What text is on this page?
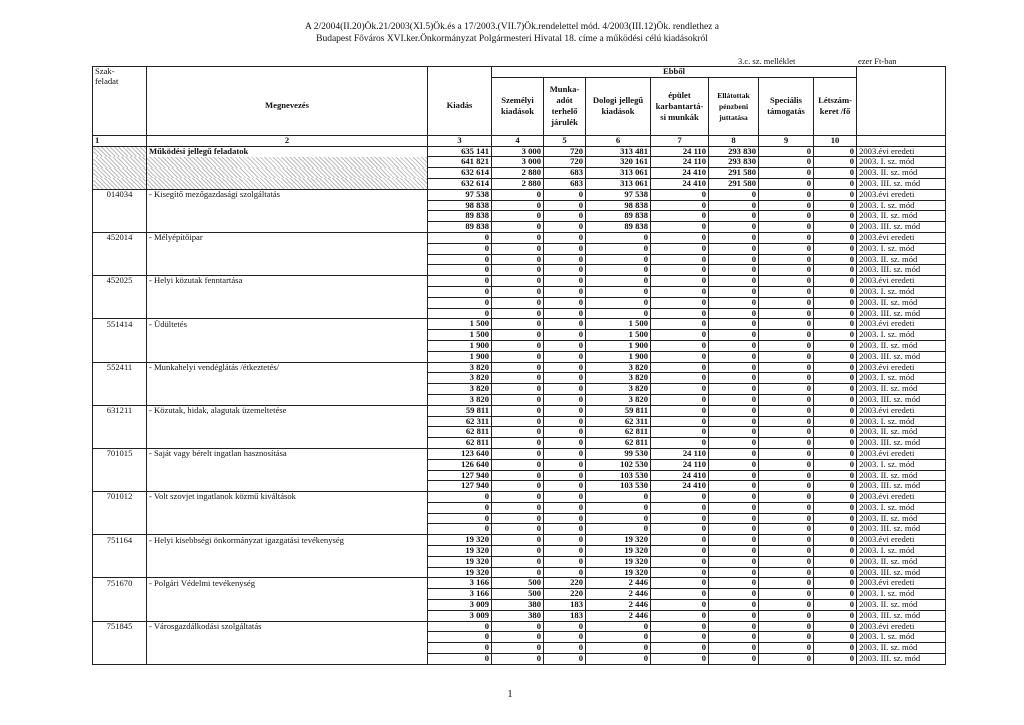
A 2/2004(II.20)Ök.21/2003(XI.5)Ök.és a 17/2003.(VII.7)Ök.rendelettel mód. 4/2003(III.12)Ök. rendlethez a
Budapest Főváros XVI.ker.Önkormányzat Polgármesteri Hivatal 18. címe a működési célú kiadásokról
3.c. sz. melléklet	ezer Ft-ban
Szak-			Ebből							
feladat	Megnevezés	Kiadás	Személyi kiadások	Munka-adót terhelő járulék	Dologi jellegű kiadások	épület karbantartá-si munkák	Ellátottak pénzbeni juttatása	Speciális támogatás	Létszám-keret /fő	
1	2	3	4	5	6	7	8	9	10	
	Működési jellegű feladatok	635 141	3 000	720	313 481	24 110	293 830	0	0	2003.évi eredeti
		641 821	3 000	720	320 161	24 110	293 830	0	0	2003. I. sz. mód
		632 614	2 880	683	313 061	24 410	291 580	0	0	2003. II. sz. mód
		632 614	2 880	683	313 061	24 410	291 580	0	0	2003. III. sz. mód
014034	- Kisegítő mezőgazdasági szolgáltatás	97 538	0	0	97 538	0	0	0	0	2003.évi eredeti
		98 838	0	0	98 838	0	0	0	0	2003. I. sz. mód
		89 838	0	0	89 838	0	0	0	0	2003. II. sz. mód
		89 838	0	0	89 838	0	0	0	0	2003. III. sz. mód
452014	- Mélyépítőipar	0	0	0	0	0	0	0	0	2003.évi eredeti
		0	0	0	0	0	0	0	0	2003. I. sz. mód
		0	0	0	0	0	0	0	0	2003. II. sz. mód
		0	0	0	0	0	0	0	0	2003. III. sz. mód
452025	- Helyi közutak fenntartása	0	0	0	0	0	0	0	0	2003.évi eredeti
		0	0	0	0	0	0	0	0	2003. I. sz. mód
		0	0	0	0	0	0	0	0	2003. II. sz. mód
		0	0	0	0	0	0	0	0	2003. III. sz. mód
551414	- Üdültetés	1 500	0	0	1 500	0	0	0	0	2003.évi eredeti
		1 500	0	0	1 500	0	0	0	0	2003. I. sz. mód
		1 900	0	0	1 900	0	0	0	0	2003. II. sz. mód
		1 900	0	0	1 900	0	0	0	0	2003. III. sz. mód
552411	- Munkahelyi vendéglátás /étkeztetés/	3 820	0	0	3 820	0	0	0	0	2003.évi eredeti
		3 820	0	0	3 820	0	0	0	0	2003. I. sz. mód
		3 820	0	0	3 820	0	0	0	0	2003. II. sz. mód
		3 820	0	0	3 820	0	0	0	0	2003. III. sz. mód
631211	- Közutak, hidak, alagutak üzemeltetése	59 811	0	0	59 811	0	0	0	0	2003.évi eredeti
		62 311	0	0	62 311	0	0	0	0	2003. I. sz. mód
		62 811	0	0	62 811	0	0	0	0	2003. II. sz. mód
		62 811	0	0	62 811	0	0	0	0	2003. III. sz. mód
701015	- Saját vagy bérelt ingatlan hasznosítása	123 640	0	0	99 530	24 110	0	0	0	2003.évi eredeti
		126 640	0	0	102 530	24 110	0	0	0	2003. I. sz. mód
		127 940	0	0	103 530	24 410	0	0	0	2003. II. sz. mód
		127 940	0	0	103 530	24 410	0	0	0	2003. III. sz. mód
701012	- Volt szovjet ingatlanok közmű kiváltások	0	0	0	0	0	0	0	0	2003.évi eredeti
		0	0	0	0	0	0	0	0	2003. I. sz. mód
		0	0	0	0	0	0	0	0	2003. II. sz. mód
		0	0	0	0	0	0	0	0	2003. III. sz. mód
751164	- Helyi kisebbségi önkormányzat igazgatási tevékenység	19 320	0	0	19 320	0	0	0	0	2003.évi eredeti
		19 320	0	0	19 320	0	0	0	0	2003. I. sz. mód
		19 320	0	0	19 320	0	0	0	0	2003. II. sz. mód
		19 320	0	0	19 320	0	0	0	0	2003. III. sz. mód
751670	- Polgári Védelmi tevékenység	3 166	500	220	2 446	0	0	0	0	2003.évi eredeti
		3 166	500	220	2 446	0	0	0	0	2003. I. sz. mód
		3 009	380	183	2 446	0	0	0	0	2003. II. sz. mód
		3 009	380	183	2 446	0	0	0	0	2003. III. sz. mód
751845	- Városgazdálkodási szolgáltatás	0	0	0	0	0	0	0	0	2003.évi eredeti
		0	0	0	0	0	0	0	0	2003. I. sz. mód
		0	0	0	0	0	0	0	0	2003. II. sz. mód
		0	0	0	0	0	0	0	0	2003. III. sz. mód
1
